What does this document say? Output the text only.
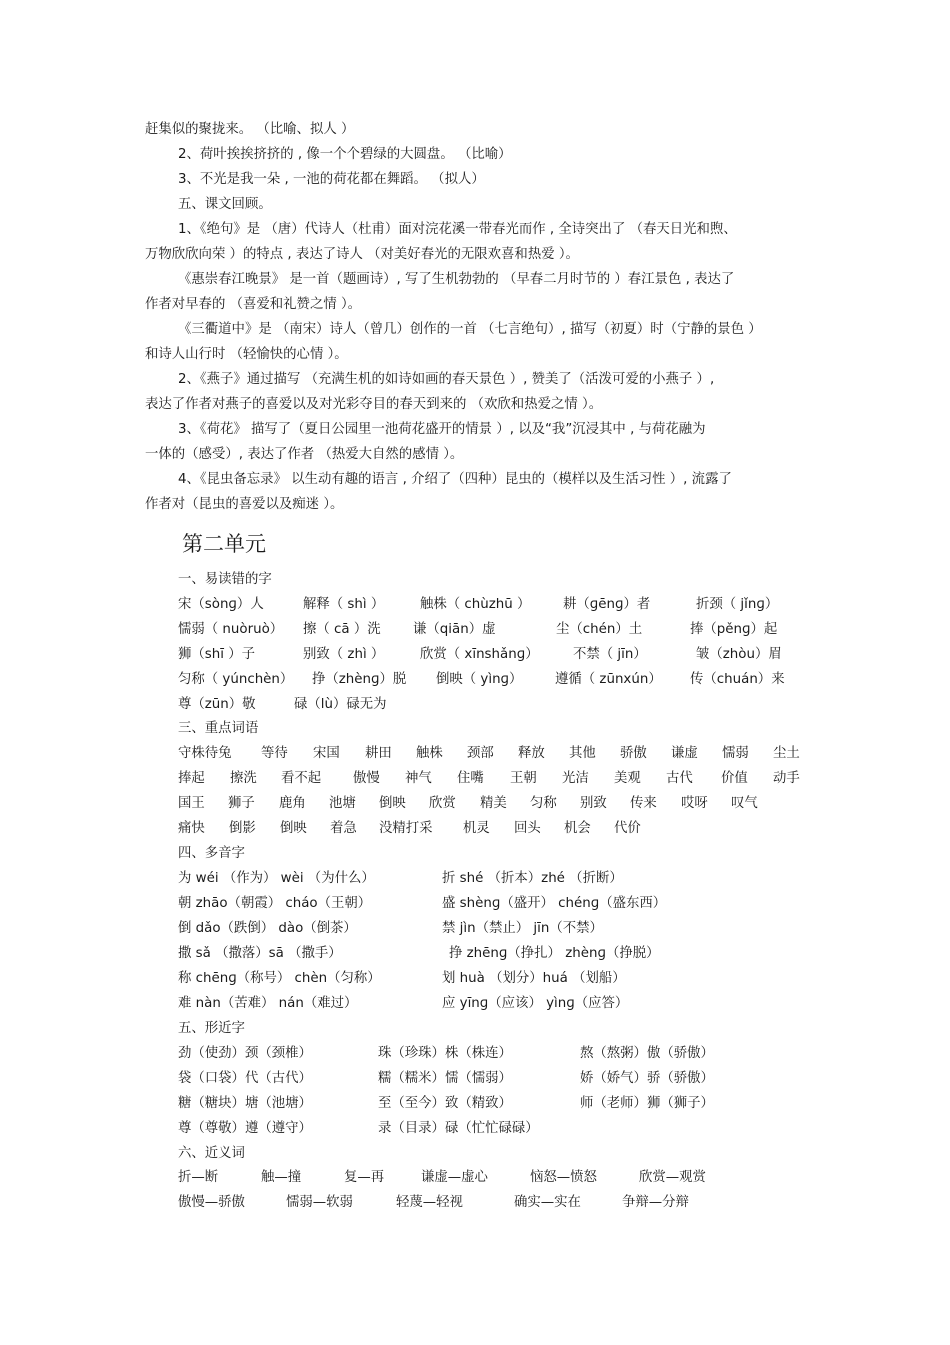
赶集似的聚拢来。 （比喻、拟人 ）
2、荷叶挨挨挤挤的 , 像一个个碧绿的大圆盘。 （比喻）
3、不光是我一朵 , 一池的荷花都在舞蹈。 （拟人）
五、课文回顾。
1、《绝句》是 （唐）代诗人（杜甫）面对浣花溪一带春光而作 , 全诗突出了 （春天日光和煦、
万物欣欣向荣 ）的特点 , 表达了诗人 （对美好春光的无限欢喜和热爱 ）。
《惠崇春江晚景》 是一首（题画诗）, 写了生机勃勃的 （早春二月时节的 ）春江景色 , 表达了
作者对早春的 （喜爱和礼赞之情 ）。
《三衢道中》是 （南宋）诗人（曾几）创作的一首 （七言绝句）, 描写（初夏）时（宁静的景色 ）
和诗人山行时 （轻愉快的心情 ）。
2、《燕子》通过描写 （充满生机的如诗如画的春天景色 ）, 赞美了（活泼可爱的小燕子 ）,
表达了作者对燕子的喜爱以及对光彩夺目的春天到来的 （欢欣和热爱之情 ）。
3、《荷花》 描写了（夏日公园里一池荷花盛开的情景 ）, 以及“我”沉浸其中 , 与荷花融为
一体的（感受）, 表达了作者 （热爱大自然的感情 ）。
4、《昆虫备忘录》 以生动有趣的语言 , 介绍了（四种）昆虫的（模样以及生活习性 ）, 流露了
作者对（昆虫的喜爱以及痴迷 ）。
第二单元
一、易读错的字
宋（sònɡ）人	解释（ shì ）	触株（ chùzhū ） 耕（ɡēnɡ）者	折颈（ jǐnɡ）
懦弱（ nuòruò） 擦（ cā ）洗 谦（qiān）虚	尘（chén）土	捧（pěnɡ）起
狮（shī ）子	别致（ zhì ）	欣赏（ xīnshǎnɡ）	不禁（ jīn）	皱（zhòu）眉
匀称（ yúnchèn） 挣（zhènɡ）脱 倒映（ yìnɡ） 遵循（ zūnxún） 传（chuán）来
尊（zūn）敬	碌（lù）碌无为
三、重点词语
守株待兔 等待 宋国 耕田 触株 颈部 释放 其他 骄傲 谦虚 懦弱 尘土
捧起 擦洗 看不起 傲慢 神气 住嘴 王朝 光洁 美观 古代 价值 动手
国王 狮子 鹿角 池塘 倒映 欣赏 精美 匀称 别致 传来 哎呀 叹气
痛快 倒影 倒映 着急 没精打采 机灵 回头 机会 代价
四、多音字
为 wéi （作为） wèi （为什么）	折 shé （折本）zhé （折断）
朝 zhāo（朝霞） cháo（王朝）	盛 shènɡ（盛开） chénɡ（盛东西）
倒 dǎo（跌倒） dào（倒茶）	禁 jìn（禁止） jīn（不禁）
撒 sǎ （撒落）sā （撒手）	挣 zhēnɡ（挣扎） zhènɡ（挣脱）
称 chēnɡ（称号） chèn（匀称）	划 huà （划分）huá （划船）
难 nàn（苦难） nán（难过）	应 yīnɡ（应该） yìnɡ（应答）
五、形近字
劲（使劲）颈（颈椎）	珠（珍珠）株（株连）	熬（熬粥）傲（骄傲）
袋（口袋）代（古代）	糯（糯米）懦（懦弱）	娇（娇气）骄（骄傲）
糖（糖块）塘（池塘）	至（至今）致（精致）	师（老师）狮（狮子）
尊（尊敬）遵（遵守）	录（目录）碌（忙忙碌碌）
六、近义词
折—断	触—撞	复—再	谦虚—虚心	恼怒—愤怒	欣赏—观赏
傲慢—骄傲	懦弱—软弱	轻蔑—轻视	确实—实在	争辩—分辩
